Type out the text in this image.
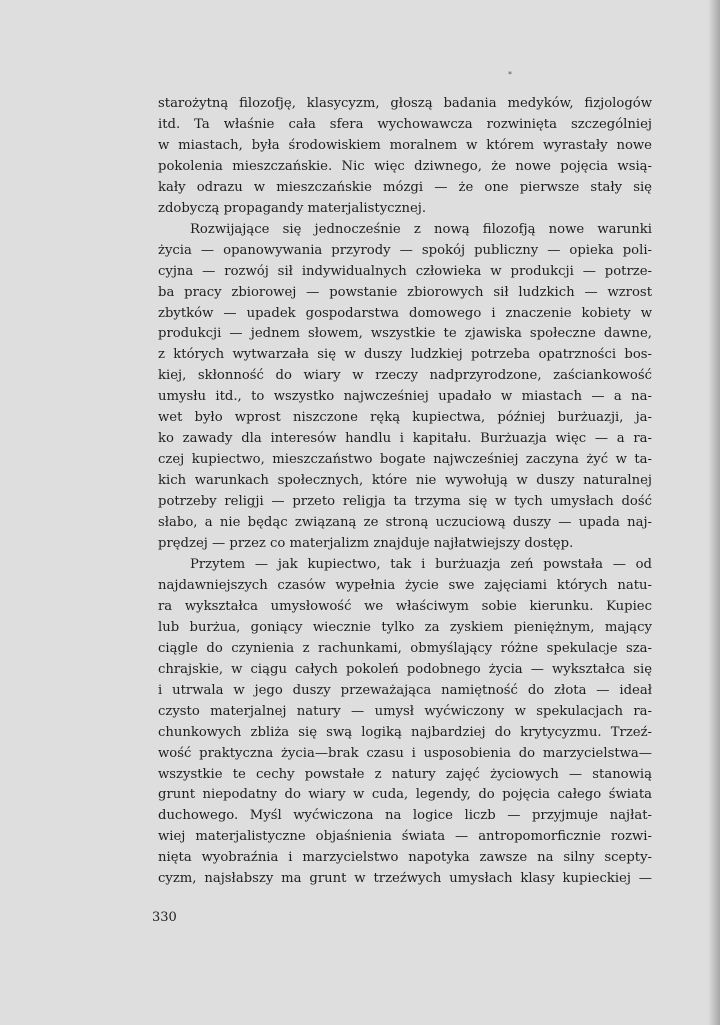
*

starożytną filozofję, klasycyzm, głoszą badania medyków, fizjologów

itd. Ta właśnie cała sfera wychowawcza rozwinięta szczególniej

w miastach, była środowiskiem moralnem w którem wyrastały nowe

pokolenia mieszczańskie. Nic więc dziwnego, że nowe pojęcia wsią-

kały odrazu w mieszczańskie mózgi — że one pierwsze stały się

zdobyczą propagandy materjalistycznej.

Rozwijające się jednocześnie z nową filozofją nowe warunki

życia — opanowywania przyrody — spokój publiczny — opieka poli-

cyjna — rozwój sił indywidualnych człowieka w produkcji — potrze-

ba pracy zbiorowej — powstanie zbiorowych sił ludzkich — wzrost

zbytków — upadek gospodarstwa domowego i znaczenie kobiety w

produkcji — jednem słowem, wszystkie te zjawiska społeczne dawne,

z których wytwarzała się w duszy ludzkiej potrzeba opatrzności bos-

kiej, skłonność do wiary w rzeczy nadprzyrodzone, zaściankowość

umysłu itd., to wszystko najwcześniej upadało w miastach — a na-

wet było wprost niszczone ręką kupiectwa, później burżuazji, ja-

ko zawady dla interesów handlu i kapitału. Burżuazja więc — a ra-

czej kupiectwo, mieszczaństwo bogate najwcześniej zaczyna żyć w ta-

kich warunkach społecznych, które nie wywołują w duszy naturalnej

potrzeby religji — przeto religja ta trzyma się w tych umysłach dość

słabo, a nie będąc związaną ze stroną uczuciową duszy — upada naj-

prędzej — przez co materjalizm znajduje najłatwiejszy dostęp.

Przytem — jak kupiectwo, tak i burżuazja zeń powstała — od

najdawniejszych czasów wypełnia życie swe zajęciami których natu-

ra wykształca umysłowość we właściwym sobie kierunku. Kupiec

lub burżua, goniący wiecznie tylko za zyskiem pieniężnym, mający

ciągle do czynienia z rachunkami, obmyślający różne spekulacje sza-

chrajskie, w ciągu całych pokoleń podobnego życia — wykształca się

i utrwala w jego duszy przeważająca namiętność do złota — ideał

czysto materjalnej natury — umysł wyćwiczony w spekulacjach ra-

chunkowych zbliża się swą logiką najbardziej do krytycyzmu. Trzeź-

wość praktyczna życia—brak czasu i usposobienia do marzycielstwa—

wszystkie te cechy powstałe z natury zajęć życiowych — stanowią

grunt niepodatny do wiary w cuda, legendy, do pojęcia całego świata

duchowego. Myśl wyćwiczona na logice liczb — przyjmuje najłat-

wiej materjalistyczne objaśnienia świata — antropomorficznie rozwi-

nięta wyobraźnia i marzycielstwo napotyka zawsze na silny scepty-

cyzm, najsłabszy ma grunt w trzeźwych umysłach klasy kupieckiej —

330
